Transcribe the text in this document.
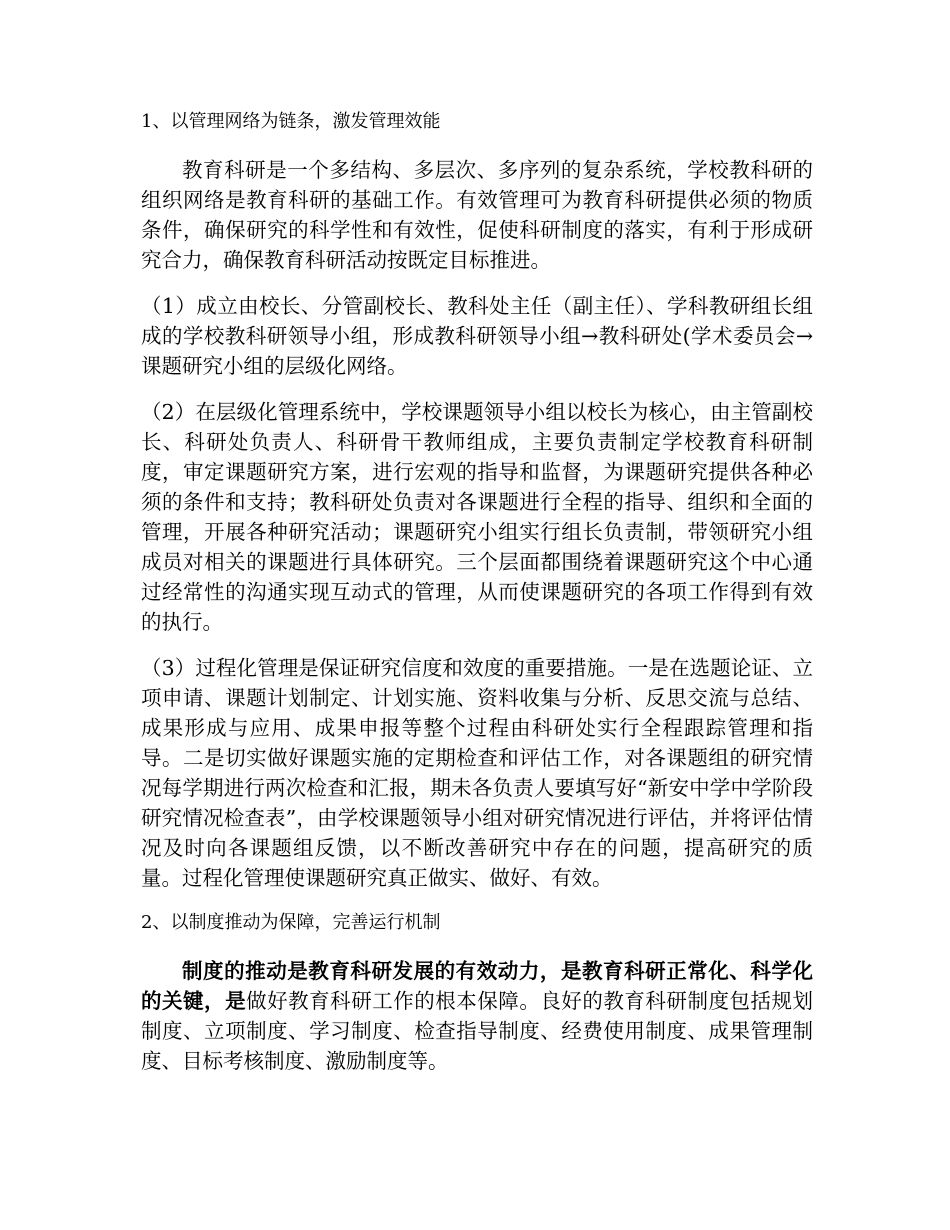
1、以管理网络为链条，激发管理效能

教育科研是一个多结构、多层次、多序列的复杂系统，学校教科研的组织网络是教育科研的基础工作。有效管理可为教育科研提供必须的物质条件，确保研究的科学性和有效性，促使科研制度的落实，有利于形成研究合力，确保教育科研活动按既定目标推进。

（1）成立由校长、分管副校长、教科处主任（副主任）、学科教研组长组成的学校教科研领导小组，形成教科研领导小组→教科研处(学术委员会→课题研究小组的层级化网络。

（2）在层级化管理系统中，学校课题领导小组以校长为核心，由主管副校长、科研处负责人、科研骨干教师组成，主要负责制定学校教育科研制度，审定课题研究方案，进行宏观的指导和监督，为课题研究提供各种必须的条件和支持；教科研处负责对各课题进行全程的指导、组织和全面的管理，开展各种研究活动；课题研究小组实行组长负责制，带领研究小组成员对相关的课题进行具体研究。三个层面都围绕着课题研究这个中心通过经常性的沟通实现互动式的管理，从而使课题研究的各项工作得到有效的执行。

（3）过程化管理是保证研究信度和效度的重要措施。一是在选题论证、立项申请、课题计划制定、计划实施、资料收集与分析、反思交流与总结、成果形成与应用、成果申报等整个过程由科研处实行全程跟踪管理和指导。二是切实做好课题实施的定期检查和评估工作，对各课题组的研究情况每学期进行两次检查和汇报，期未各负责人要填写好“新安中学中学阶段研究情况检查表”，由学校课题领导小组对研究情况进行评估，并将评估情况及时向各课题组反馈，以不断改善研究中存在的问题，提高研究的质量。过程化管理使课题研究真正做实、做好、有效。

2、以制度推动为保障，完善运行机制

制度的推动是教育科研发展的有效动力，是教育科研正常化、科学化的关键，是做好教育科研工作的根本保障。良好的教育科研制度包括规划制度、立项制度、学习制度、检查指导制度、经费使用制度、成果管理制度、目标考核制度、激励制度等。
